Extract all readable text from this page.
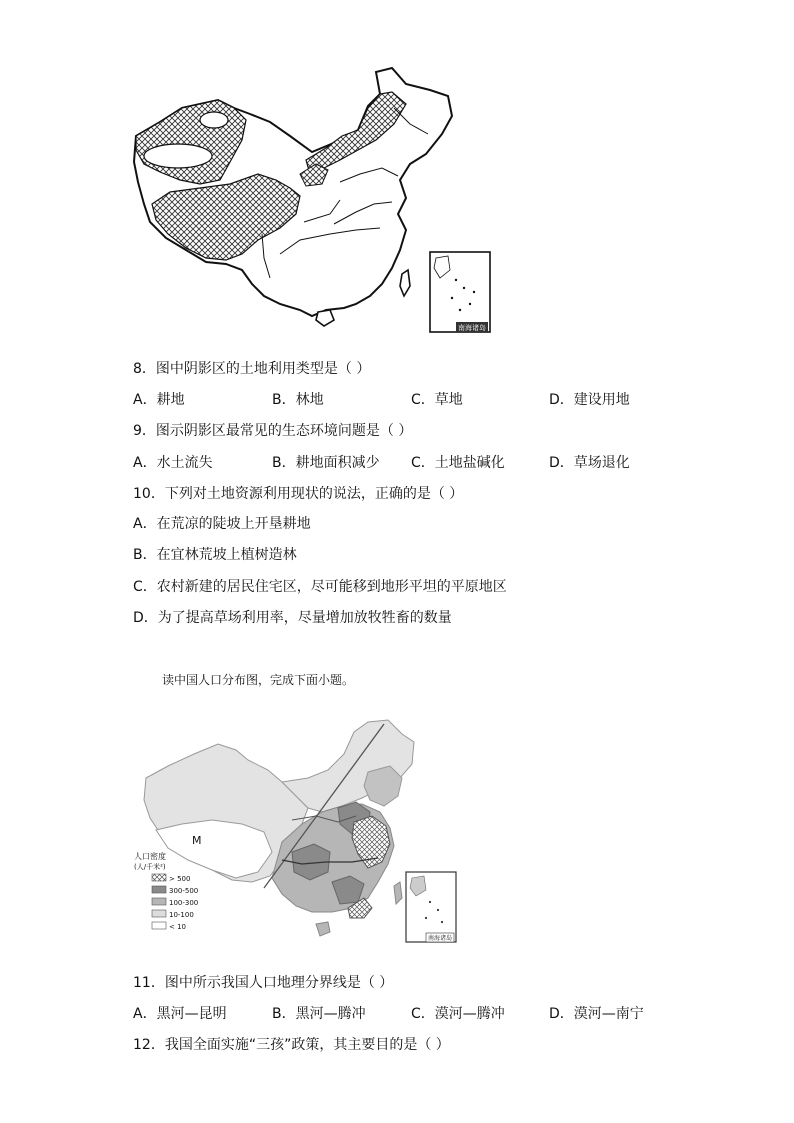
南海诸岛
8．图中阴影区的土地利用类型是（ ）
A．耕地	B．林地	C．草地	D．建设用地
9．图示阴影区最常见的生态环境问题是（ ）
A．水土流失	B．耕地面积减少 C．土地盐碱化	D．草场退化
10．下列对土地资源利用现状的说法，正确的是（ ）
A．在荒凉的陡坡上开垦耕地
B．在宜林荒坡上植树造林
C．农村新建的居民住宅区，尽可能移到地形平坦的平原地区
D．为了提高草场利用率，尽量增加放牧牲畜的数量
读中国人口分布图，完成下面小题。
M
人口密度
(人/千米²)
> 500
300-500
100-300
10-100
< 10
南海诸岛
11．图中所示我国人口地理分界线是（ ）
A．黑河—昆明	B．黑河—腾冲	C．漠河—腾冲	D．漠河—南宁
12．我国全面实施“三孩”政策，其主要目的是（ ）
